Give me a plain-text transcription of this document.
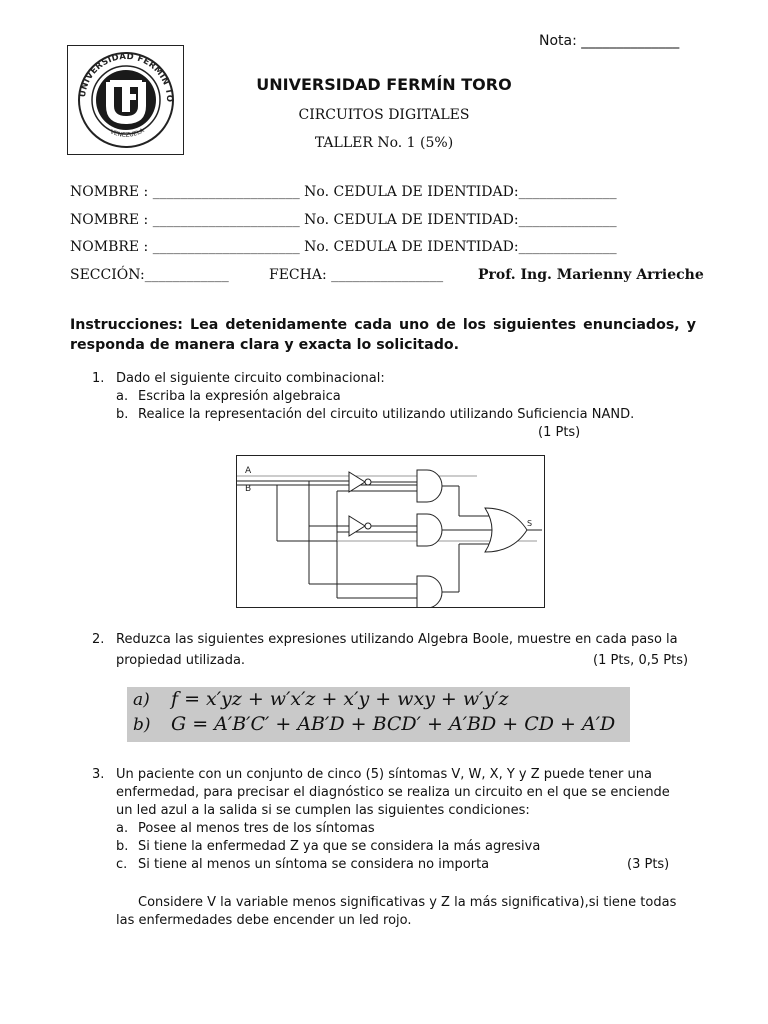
Nota: ______________
UNIVERSIDAD FERMIN TO
VENEZUELA
UNIVERSIDAD FERMÍN TORO
CIRCUITOS DIGITALES
TALLER No. 1 (5%)
NOMBRE : _____________________ No. CEDULA DE IDENTIDAD:______________
NOMBRE : _____________________ No. CEDULA DE IDENTIDAD:______________
NOMBRE : _____________________ No. CEDULA DE IDENTIDAD:______________
SECCIÓN:____________	FECHA: ________________ Prof. Ing. Marienny Arrieche
Instrucciones: Lea detenidamente cada uno de los siguientes enunciados, y responda de manera clara y exacta lo solicitado.
1. Dado el siguiente circuito combinacional:
a. Escriba la expresión algebraica
b. Realice la representación del circuito utilizando utilizando Suficiencia NAND.
(1 Pts)
A
B
S
2. Reduzca las siguientes expresiones utilizando Algebra Boole, muestre en cada paso la
propiedad utilizada.	(1 Pts, 0,5 Pts)
a) f = x′yz + w′x′z + x′y + wxy + w′y′z
b) G = A′B′C′ + AB′D + BCD′ + A′BD + CD + A′D
3. Un paciente con un conjunto de cinco (5) síntomas V, W, X, Y y Z puede tener una
enfermedad, para precisar el diagnóstico se realiza un circuito en el que se enciende
un led azul a la salida si se cumplen las siguientes condiciones:
a. Posee al menos tres de los síntomas
b. Si tiene la enfermedad Z ya que se considera la más agresiva
c. Si tiene al menos un síntoma se considera no importa	(3 Pts)
Considere V la variable menos significativas y Z la más significativa),si tiene todas
las enfermedades debe encender un led rojo.
